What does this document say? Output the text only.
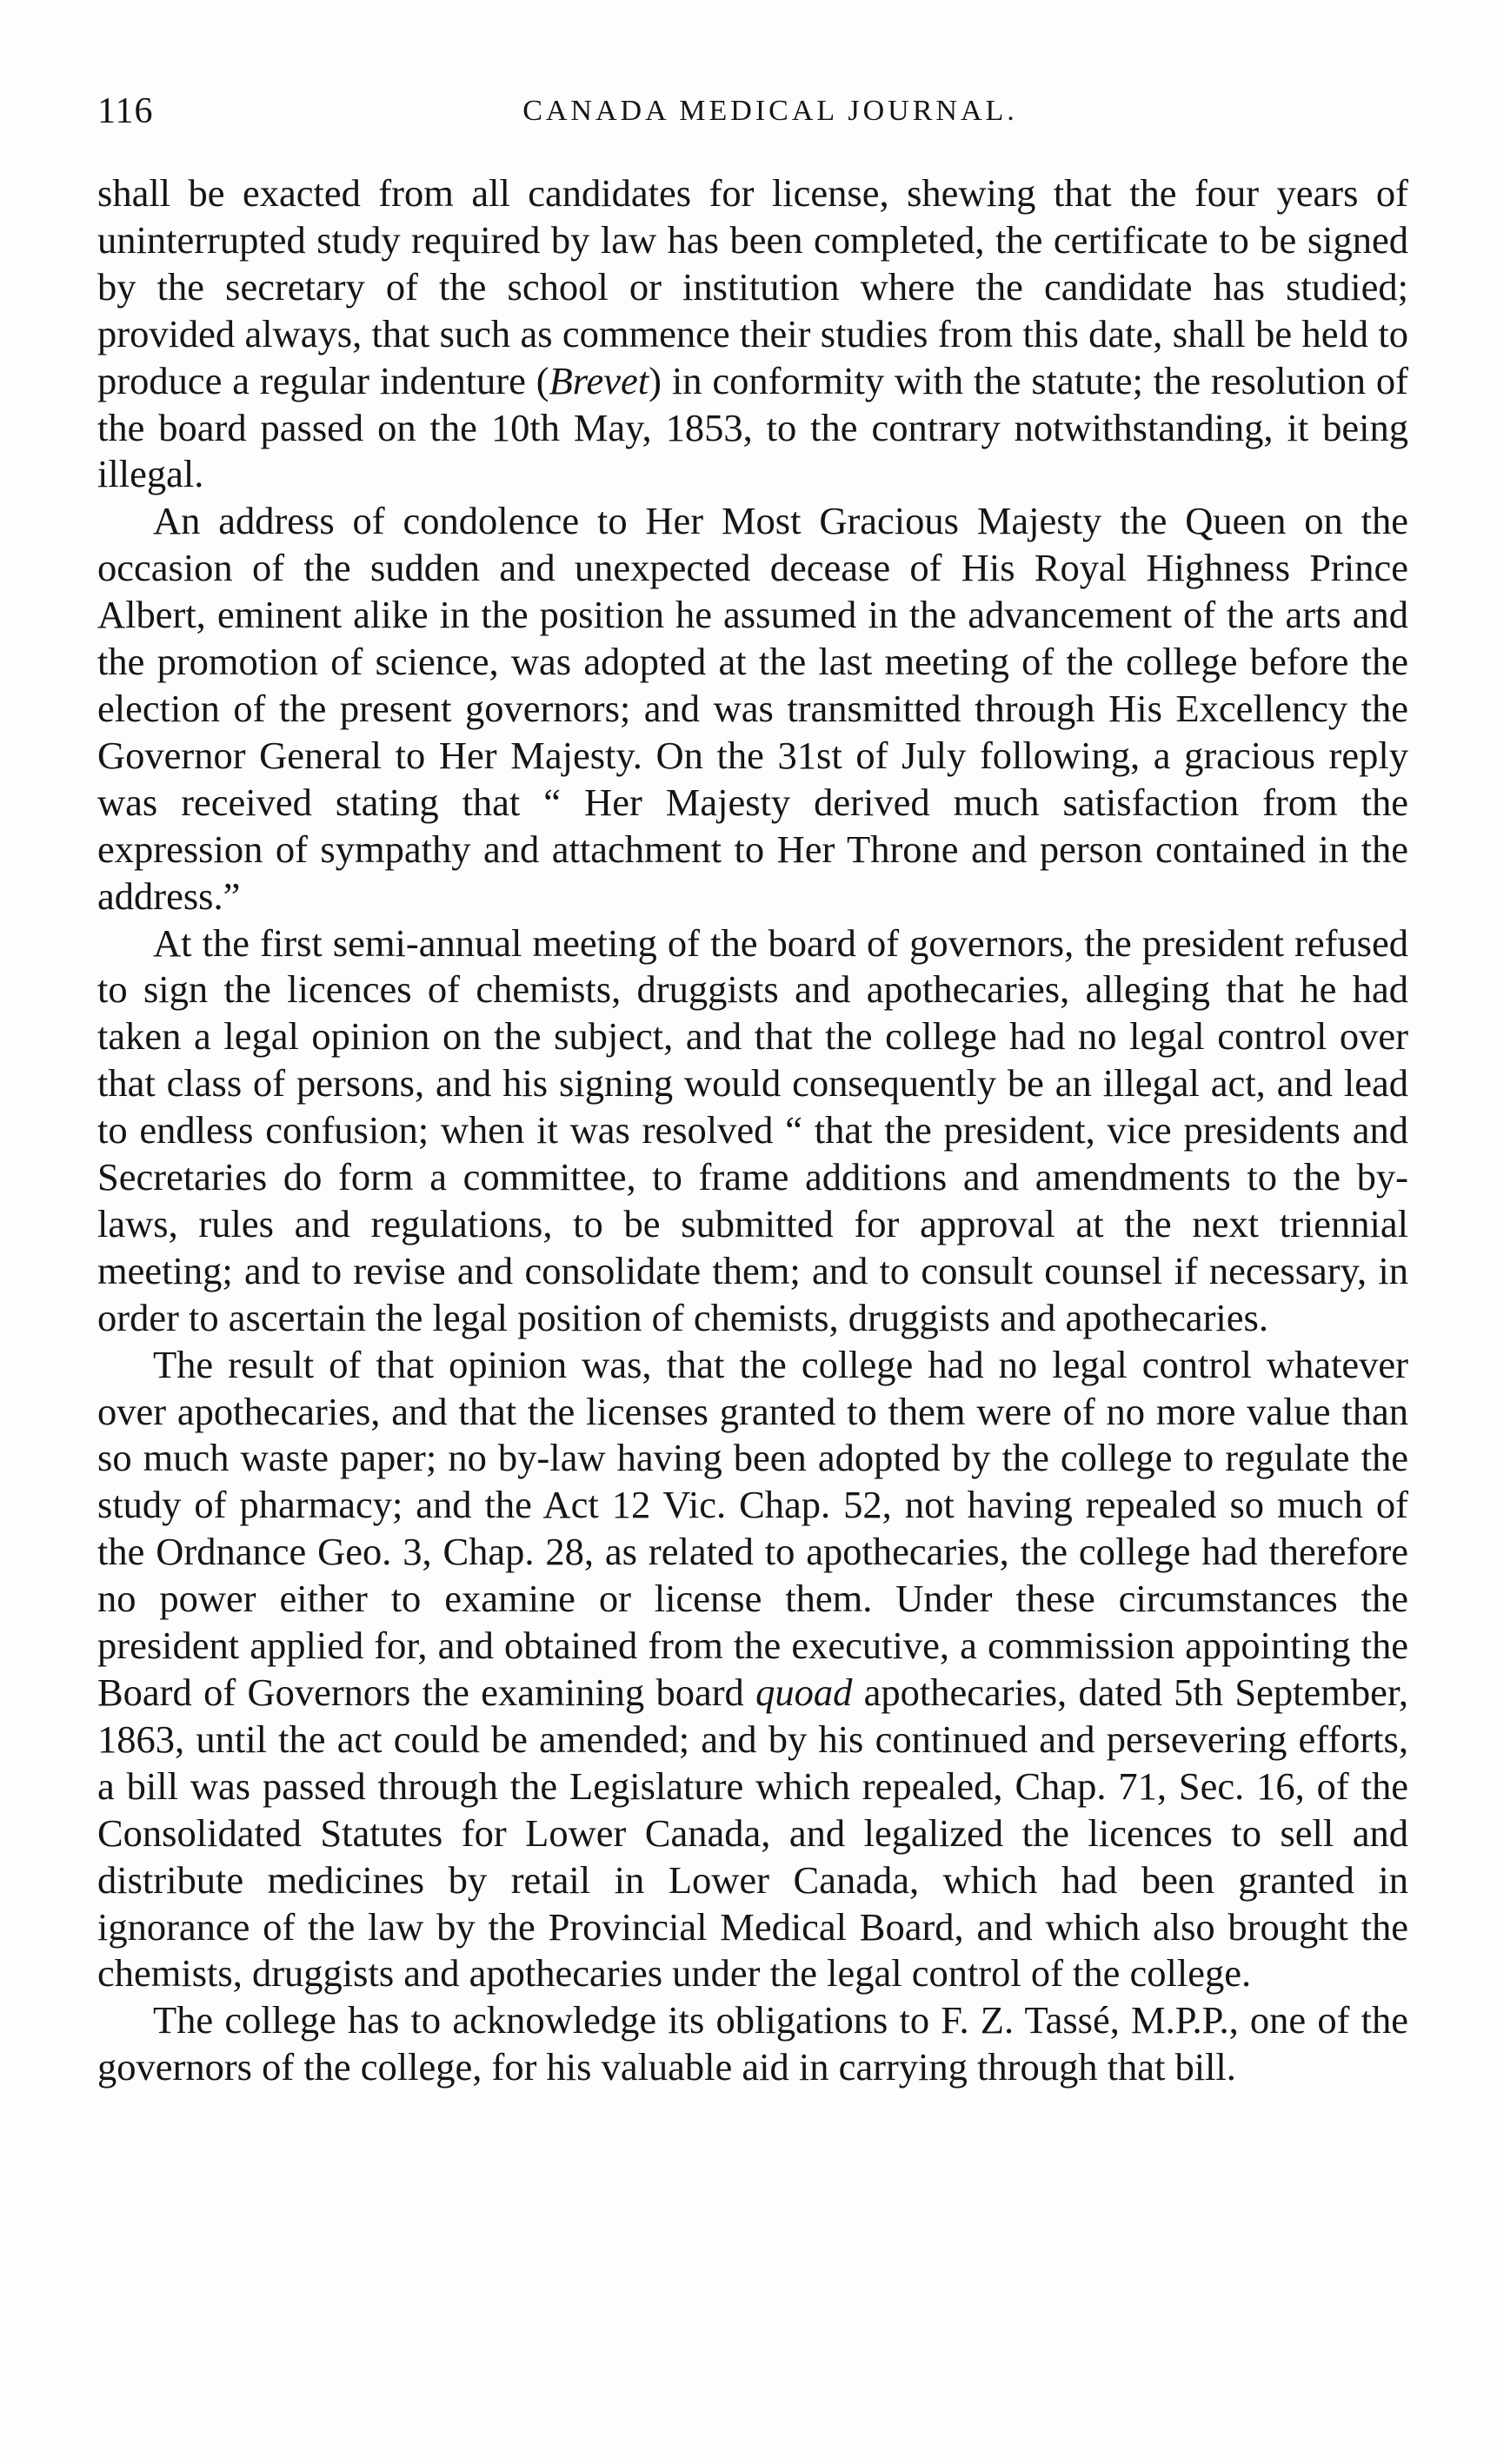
116	CANADA MEDICAL JOURNAL.

shall be exacted from all candidates for license, shewing that the four years of uninterrupted study required by law has been completed, the certificate to be signed by the secretary of the school or institution where the candidate has studied; provided always, that such as commence their studies from this date, shall be held to produce a regular indenture (Brevet) in conformity with the statute; the resolution of the board passed on the 10th May, 1853, to the contrary notwithstanding, it being illegal.

An address of condolence to Her Most Gracious Majesty the Queen on the occasion of the sudden and unexpected decease of His Royal Highness Prince Albert, eminent alike in the position he assumed in the advancement of the arts and the promotion of science, was adopted at the last meeting of the college before the election of the present governors; and was transmitted through His Excellency the Governor General to Her Majesty. On the 31st of July following, a gracious reply was received stating that “ Her Majesty derived much satisfaction from the expression of sympathy and attachment to Her Throne and person contained in the address.”

At the first semi-annual meeting of the board of governors, the president refused to sign the licences of chemists, druggists and apothecaries, alleging that he had taken a legal opinion on the subject, and that the college had no legal control over that class of persons, and his signing would consequently be an illegal act, and lead to endless confusion; when it was resolved “ that the president, vice presidents and Secretaries do form a committee, to frame additions and amendments to the by-laws, rules and regulations, to be submitted for approval at the next triennial meeting; and to revise and consolidate them; and to consult counsel if necessary, in order to ascertain the legal position of chemists, druggists and apothecaries.

The result of that opinion was, that the college had no legal control whatever over apothecaries, and that the licenses granted to them were of no more value than so much waste paper; no by-law having been adopted by the college to regulate the study of pharmacy; and the Act 12 Vic. Chap. 52, not having repealed so much of the Ordnance Geo. 3, Chap. 28, as related to apothecaries, the college had therefore no power either to examine or license them. Under these circumstances the president applied for, and obtained from the executive, a commission appointing the Board of Governors the examining board quoad apothecaries, dated 5th September, 1863, until the act could be amended; and by his continued and persevering efforts, a bill was passed through the Legislature which repealed, Chap. 71, Sec. 16, of the Consolidated Statutes for Lower Canada, and legalized the licences to sell and distribute medicines by retail in Lower Canada, which had been granted in ignorance of the law by the Provincial Medical Board, and which also brought the chemists, druggists and apothecaries under the legal control of the college.

The college has to acknowledge its obligations to F. Z. Tassé, M.P.P., one of the governors of the college, for his valuable aid in carrying through that bill.
